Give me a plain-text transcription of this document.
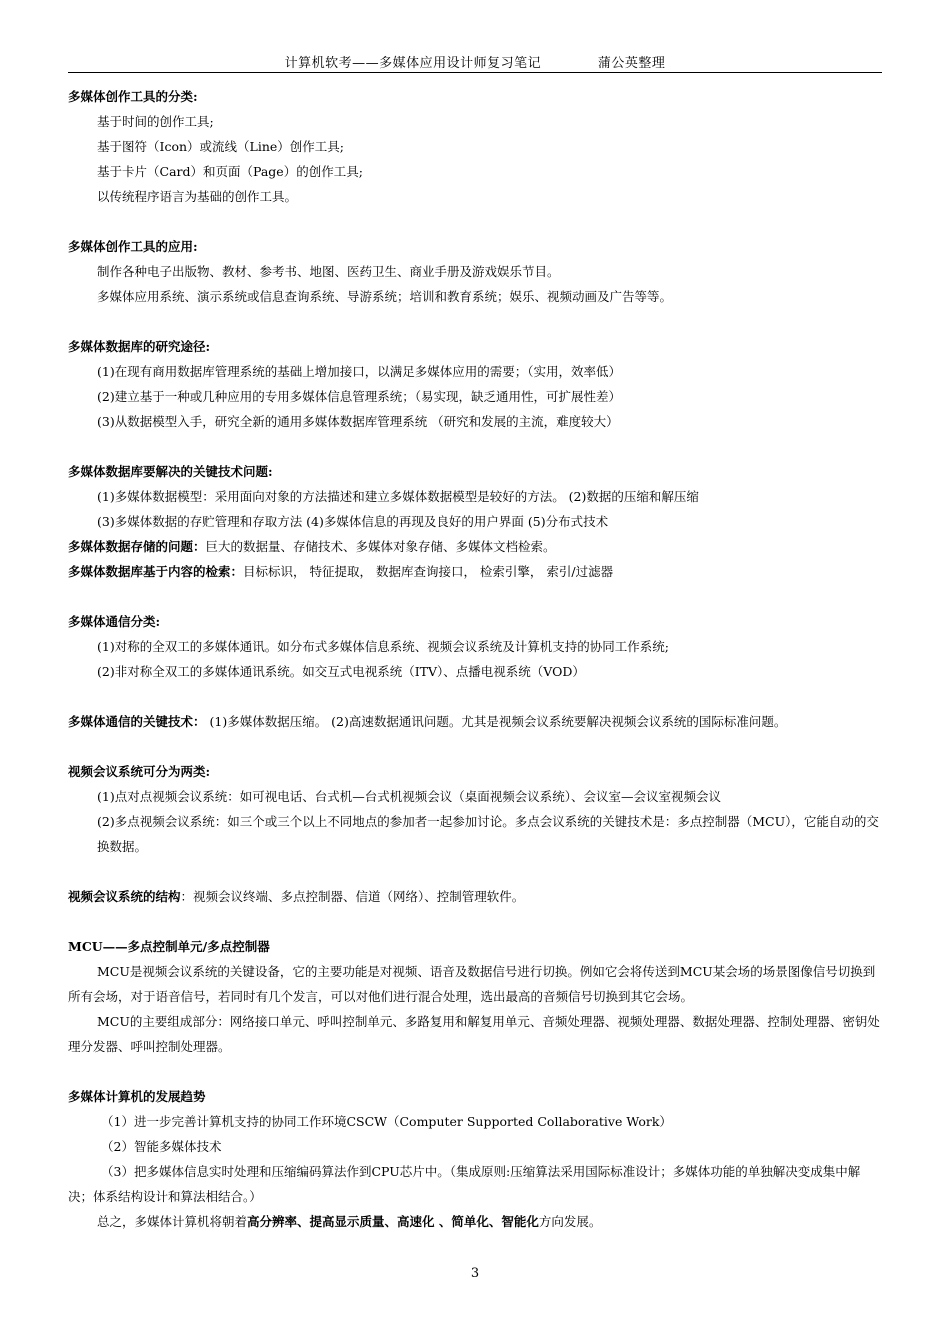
计算机软考——多媒体应用设计师复习笔记	蒲公英整理
多媒体创作工具的分类:
基于时间的创作工具;
基于图符（Icon）或流线（Line）创作工具;
基于卡片（Card）和页面（Page）的创作工具;
以传统程序语言为基础的创作工具。
多媒体创作工具的应用:
制作各种电子出版物、教材、参考书、地图、医药卫生、商业手册及游戏娱乐节目。
多媒体应用系统、演示系统或信息查询系统、导游系统；培训和教育系统；娱乐、视频动画及广告等等。
多媒体数据库的研究途径:
(1)在现有商用数据库管理系统的基础上增加接口，以满足多媒体应用的需要；（实用，效率低）
(2)建立基于一种或几种应用的专用多媒体信息管理系统；（易实现，缺乏通用性，可扩展性差）
(3)从数据模型入手，研究全新的通用多媒体数据库管理系统 （研究和发展的主流，难度较大）
多媒体数据库要解决的关键技术问题:
(1)多媒体数据模型：采用面向对象的方法描述和建立多媒体数据模型是较好的方法。 (2)数据的压缩和解压缩
(3)多媒体数据的存贮管理和存取方法 (4)多媒体信息的再现及良好的用户界面 (5)分布式技术
多媒体数据存储的问题：巨大的数据量、存储技术、多媒体对象存储、多媒体文档检索。
多媒体数据库基于内容的检索：目标标识， 特征提取， 数据库查询接口， 检索引擎， 索引/过滤器
多媒体通信分类:
(1)对称的全双工的多媒体通讯。如分布式多媒体信息系统、视频会议系统及计算机支持的协同工作系统;
(2)非对称全双工的多媒体通讯系统。如交互式电视系统（ITV）、点播电视系统（VOD）
多媒体通信的关键技术： (1)多媒体数据压缩。 (2)高速数据通讯问题。尤其是视频会议系统要解决视频会议系统的国际标准问题。
视频会议系统可分为两类:
(1)点对点视频会议系统：如可视电话、台式机—台式机视频会议（桌面视频会议系统）、会议室—会议室视频会议
(2)多点视频会议系统：如三个或三个以上不同地点的参加者一起参加讨论。多点会议系统的关键技术是：多点控制器（MCU），它能自动的交换数据。
视频会议系统的结构：视频会议终端、多点控制器、信道（网络）、控制管理软件。
MCU——多点控制单元/多点控制器
MCU是视频会议系统的关键设备，它的主要功能是对视频、语音及数据信号进行切换。例如它会将传送到MCU某会场的场景图像信号切换到所有会场，对于语音信号，若同时有几个发言，可以对他们进行混合处理，选出最高的音频信号切换到其它会场。
MCU的主要组成部分：网络接口单元、呼叫控制单元、多路复用和解复用单元、音频处理器、视频处理器、数据处理器、控制处理器、密钥处理分发器、呼叫控制处理器。
多媒体计算机的发展趋势
（1）进一步完善计算机支持的协同工作环境CSCW（Computer Supported Collaborative Work）
（2）智能多媒体技术
（3）把多媒体信息实时处理和压缩编码算法作到CPU芯片中。（集成原则:压缩算法采用国际标准设计；多媒体功能的单独解决变成集中解决；体系结构设计和算法相结合。）
总之，多媒体计算机将朝着高分辨率、提高显示质量、高速化 、简单化、智能化方向发展。
3
